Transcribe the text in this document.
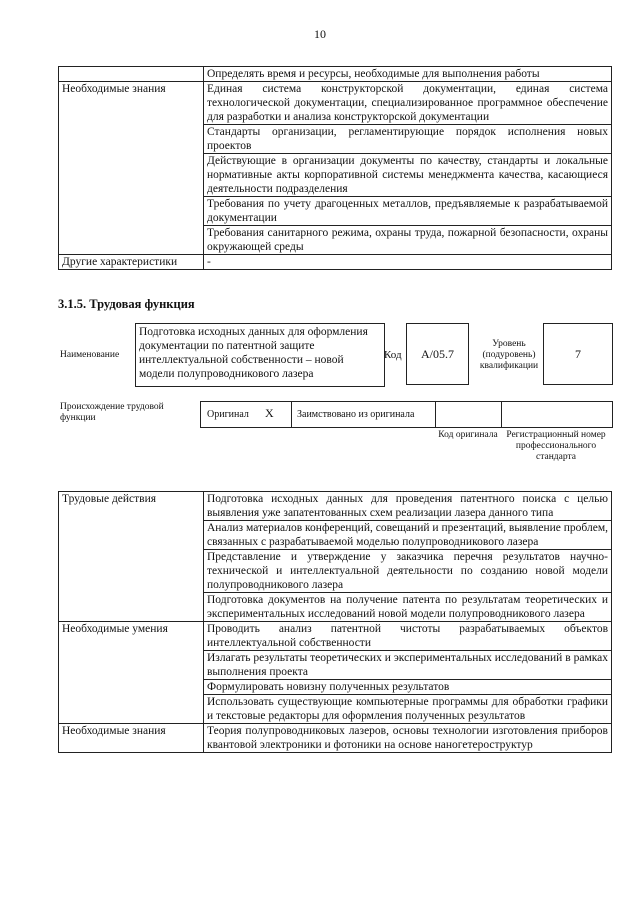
10
	Определять время и ресурсы, необходимые для выполнения работы
Необходимые знания	Единая система конструкторской документации, единая система технологической документации, специализированное программное обеспечение для разработки и анализа конструкторской документации
	Стандарты организации, регламентирующие порядок исполнения новых проектов
	Действующие в организации документы по качеству, стандарты и локальные нормативные акты корпоративной системы менеджмента качества, касающиеся деятельности подразделения
	Требования по учету драгоценных металлов, предъявляемые к разрабатываемой документации
	Требования санитарного режима, охраны труда, пожарной безопасности, охраны окружающей среды
Другие характеристики	-
3.1.5. Трудовая функция
Наименование
Подготовка исходных данных для оформления документации по патентной защите интеллектуальной собственности – новой модели полупроводникового лазера
Код	A/05.7
Уровень (подуровень) квалификации
7
Происхождение трудовой функции	Оригинал X Заимствовано из оригинала
Код оригинала Регистрационный номер профессионального стандарта
Трудовые действия	Подготовка исходных данных для проведения патентного поиска с целью выявления уже запатентованных схем реализации лазера данного типа
	Анализ материалов конференций, совещаний и презентаций, выявление проблем, связанных с разрабатываемой моделью полупроводникового лазера
	Представление и утверждение у заказчика перечня результатов научно-технической и интеллектуальной деятельности по созданию новой модели полупроводникового лазера
	Подготовка документов на получение патента по результатам теоретических и экспериментальных исследований новой модели полупроводникового лазера
Необходимые умения	Проводить анализ патентной чистоты разрабатываемых объектов интеллектуальной собственности
	Излагать результаты теоретических и экспериментальных исследований в рамках выполнения проекта
	Формулировать новизну полученных результатов
	Использовать существующие компьютерные программы для обработки графики и текстовые редакторы для оформления полученных результатов
Необходимые знания	Теория полупроводниковых лазеров, основы технологии изготовления приборов квантовой электроники и фотоники на основе наногетероструктур
